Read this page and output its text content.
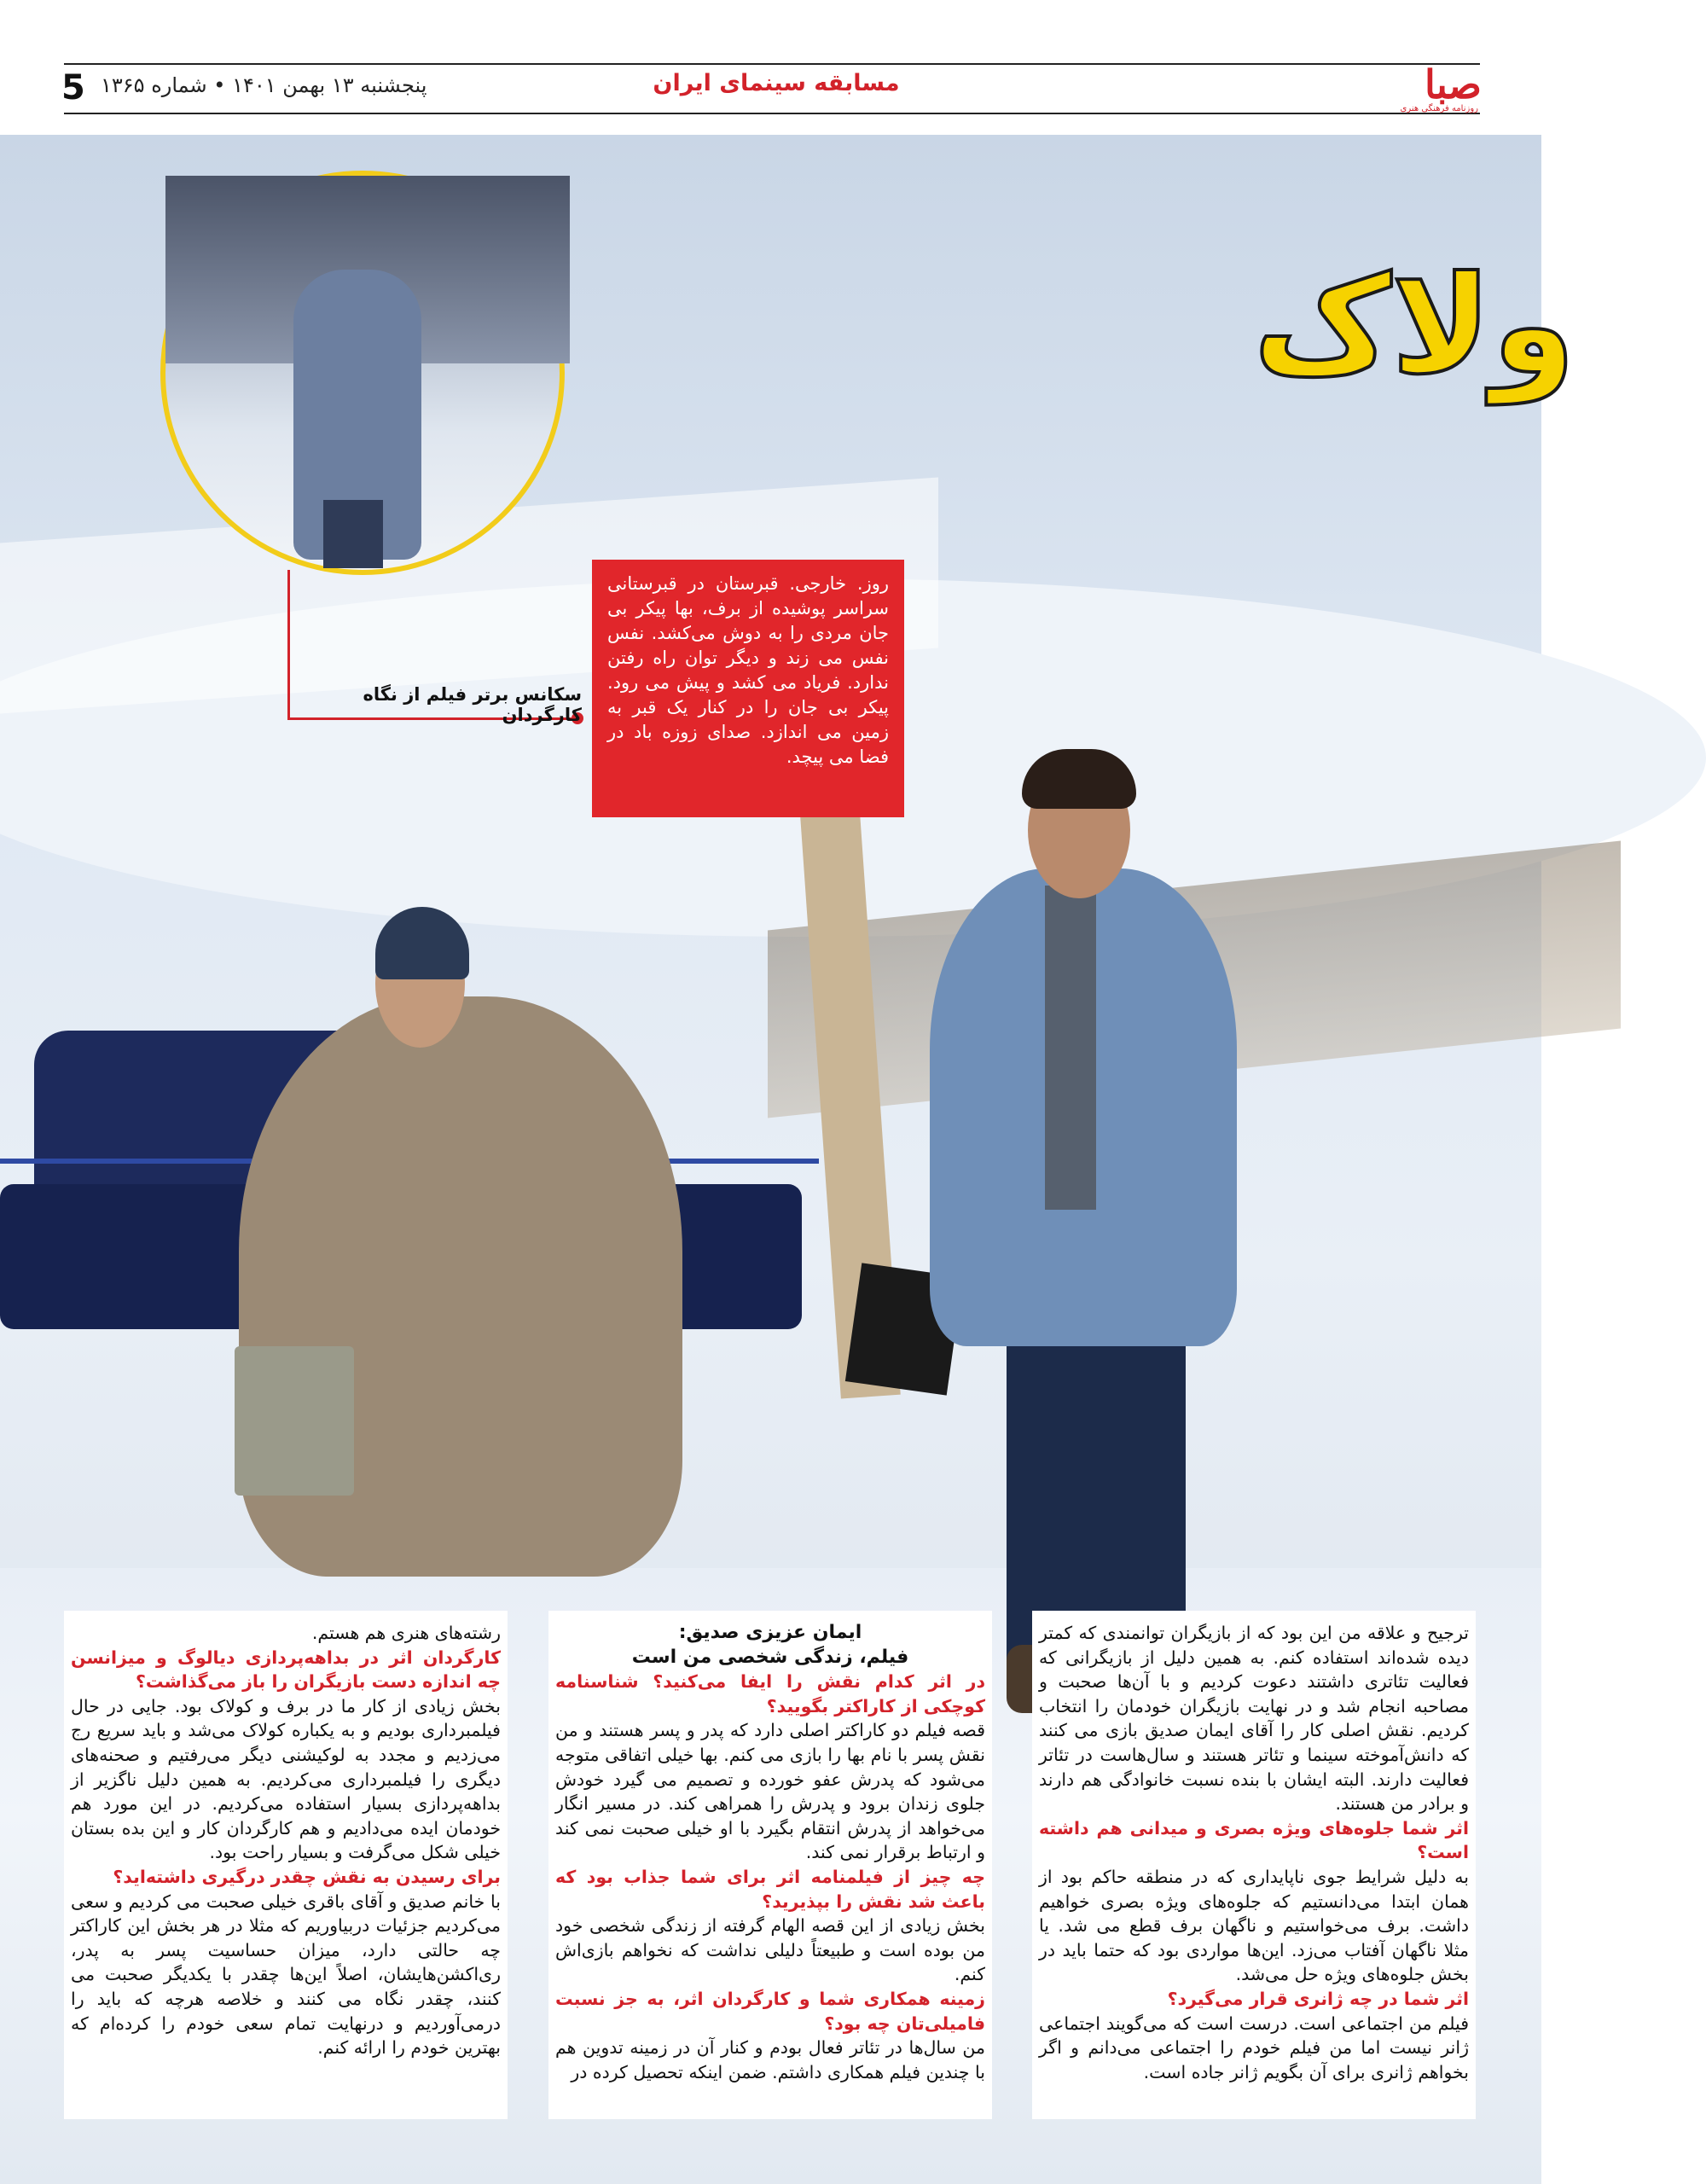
5 پنجشنبه ۱۳ بهمن ۱۴۰۱ • شماره ۱۳۶۵	مسابقه سینمای ایران	صبا
روزنامه فرهنگی هنری
ولاک
سکانس برتر فیلم از نگاه کارگردان
روز. خارجی. قبرستان در قبرستانی سراسر پوشیده از برف، بها پیکر بی جان مردی را به دوش می‌کشد. نفس نفس می زند و دیگر توان راه رفتن ندارد. فریاد می کشد و پیش می رود. پیکر بی جان را در کنار یک قبر به زمین می اندازد. صدای زوزه باد در فضا می پیچد.

ترجیح و علاقه من این بود که از بازیگران توانمندی که کمتر دیده شده‌اند استفاده کنم. به همین دلیل از بازیگرانی که فعالیت تئاتری داشتند دعوت کردیم و با آن‌ها صحبت و مصاحبه انجام شد و در نهایت بازیگران خودمان را انتخاب کردیم. نقش اصلی کار را آقای ایمان صدیق بازی می کنند که دانش‌آموخته سینما و تئاتر هستند و سال‌هاست در تئاتر فعالیت دارند. البته ایشان با بنده نسبت خانوادگی هم دارند و برادر من هستند.

اثر شما جلوه‌های ویژه بصری و میدانی هم داشته است؟

به دلیل شرایط جوی ناپایداری که در منطقه حاکم بود از همان ابتدا می‌دانستیم که جلوه‌های ویژه بصری خواهیم داشت. برف می‌خواستیم و ناگهان برف قطع می شد. یا مثلا ناگهان آفتاب می‌زد. این‌ها مواردی بود که حتما باید در بخش جلوه‌های ویژه حل می‌شد.

اثر شما در چه ژانری قرار می‌گیرد؟

فیلم من اجتماعی است. درست است که می‌گویند اجتماعی ژانر نیست اما من فیلم خودم را اجتماعی می‌دانم و اگر بخواهم ژانری برای آن بگویم ژانر جاده است.

ایمان عزیزی صدیق:

فیلم، زندگی شخصی من است

در اثر کدام نقش را ایفا می‌کنید؟ شناسنامه کوچکی از کاراکتر بگویید؟

قصه فیلم دو کاراکتر اصلی دارد که پدر و پسر هستند و من نقش پسر با نام بها را بازی می کنم. بها خیلی اتفاقی متوجه می‌شود که پدرش عفو خورده و تصمیم می گیرد خودش جلوی زندان برود و پدرش را همراهی کند. در مسیر انگار می‌خواهد از پدرش انتقام بگیرد با او خیلی صحبت نمی کند و ارتباط برقرار نمی کند.

چه چیز از فیلمنامه اثر برای شما جذاب بود که باعث شد نقش را بپذیرید؟

بخش زیادی از این قصه الهام گرفته از زندگی شخصی خود من بوده است و طبیعتاً دلیلی نداشت که نخواهم بازی‌اش کنم.

زمینه همکاری شما و کارگردان اثر، به جز نسبت فامیلی‌تان چه بود؟

من سال‌ها در تئاتر فعال بودم و کنار آن در زمینه تدوین هم با چندین فیلم همکاری داشتم. ضمن اینکه تحصیل کرده در

رشته‌های هنری هم هستم.

کارگردان اثر در بداهه‌پردازی دیالوگ و میزانسن چه اندازه دست بازیگران را باز می‌گذاشت؟

بخش زیادی از کار ما در برف و کولاک بود. جایی در حال فیلمبرداری بودیم و به یکباره کولاک می‌شد و باید سریع رج می‌زدیم و مجدد به لوکیشنی دیگر می‌رفتیم و صحنه‌های دیگری را فیلمبرداری می‌کردیم. به همین دلیل ناگزیر از بداهه‌پردازی بسیار استفاده می‌کردیم. در این مورد هم خودمان ایده می‌دادیم و هم کارگردان کار و این بده بستان خیلی شکل می‌گرفت و بسیار راحت بود.

برای رسیدن به نقش چقدر درگیری داشته‌اید؟

با خانم صدیق و آقای باقری خیلی صحبت می کردیم و سعی می‌کردیم جزئیات دربیاوریم که مثلا در هر بخش این کاراکتر چه حالتی دارد، میزان حساسیت پسر به پدر، ری‌اکشن‌هایشان، اصلاً این‌ها چقدر با یکدیگر صحبت می کنند، چقدر نگاه می کنند و خلاصه هرچه که باید را درمی‌آوردیم و درنهایت تمام سعی خودم را کرده‌ام که بهترین خودم را ارائه کنم.
